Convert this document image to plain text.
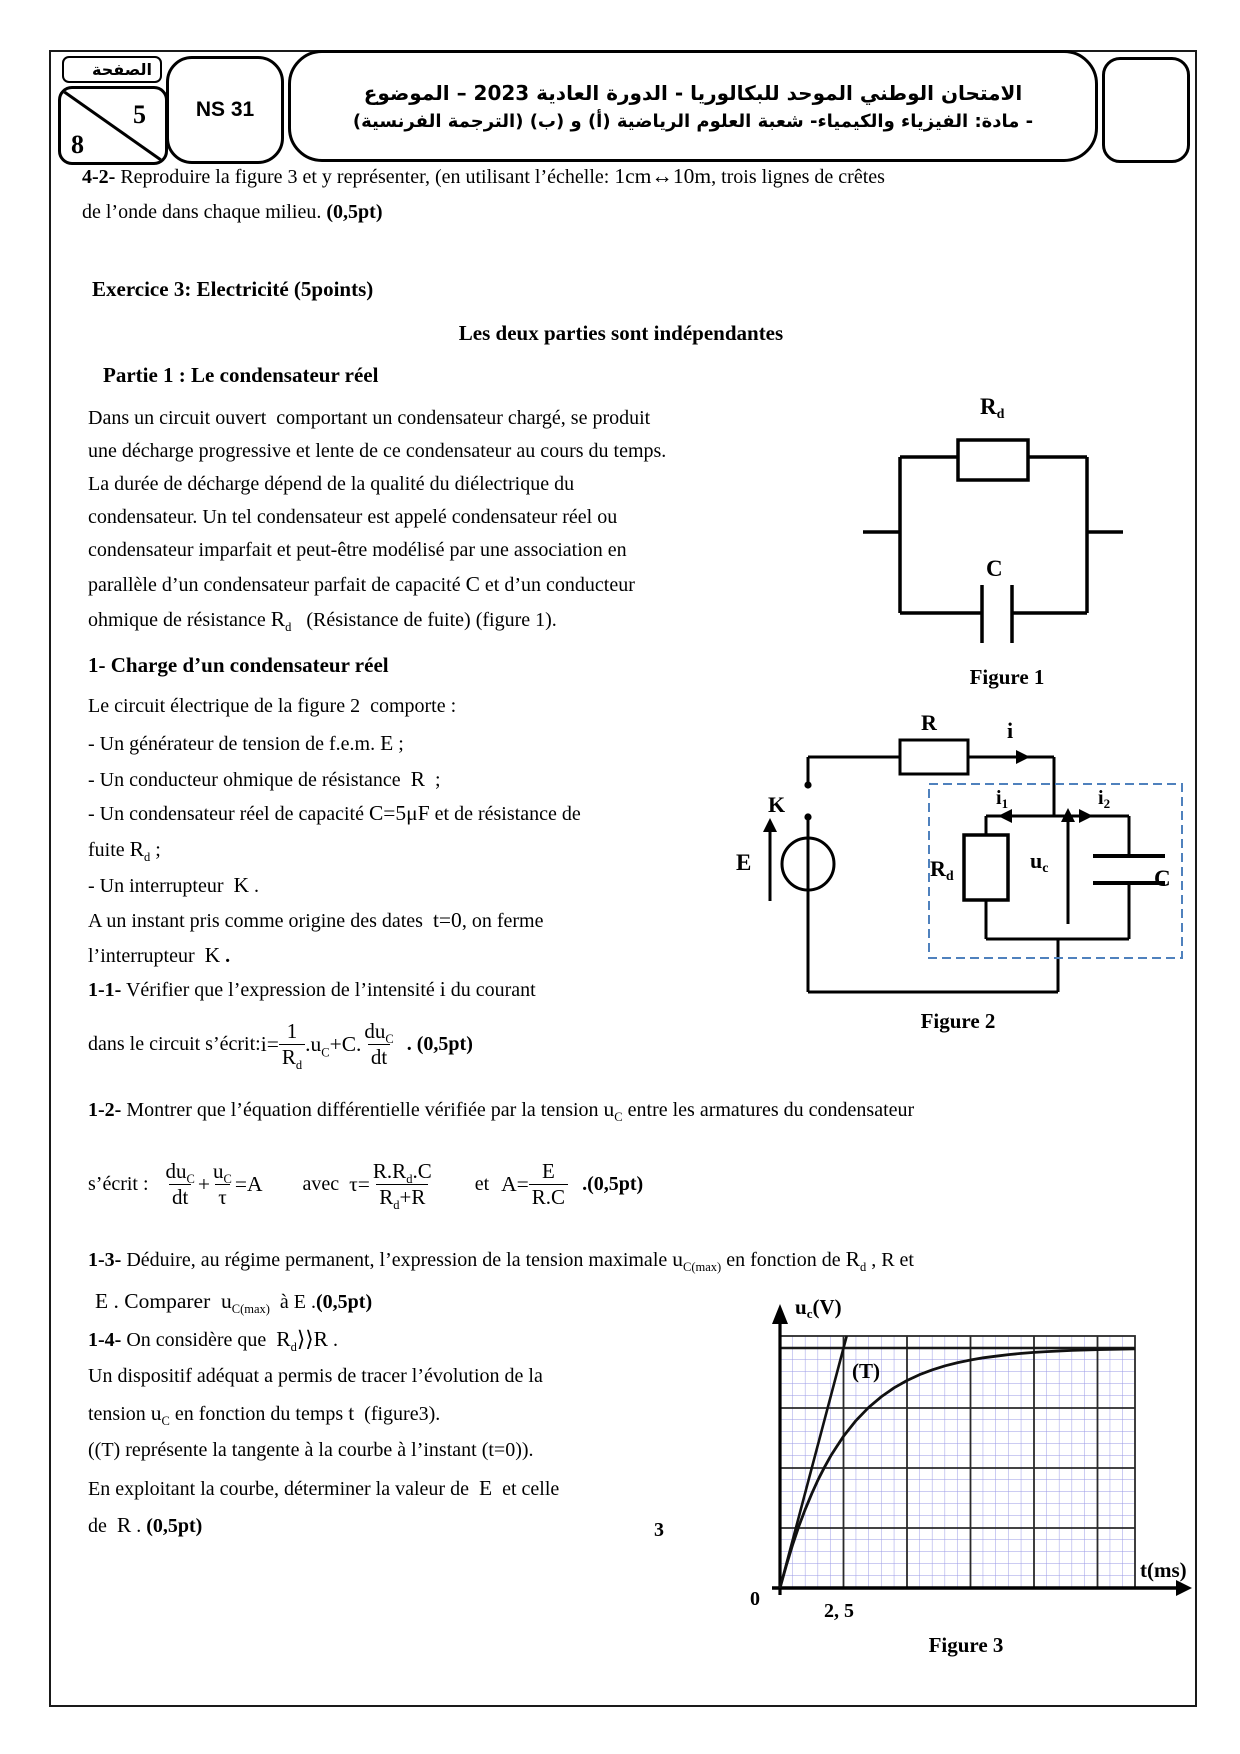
الصفحة
5
8
NS 31
الامتحان الوطني الموحد للبكالوريا - الدورة العادية 2023 – الموضوع
- مادة: الفيزياء والكيمياء- شعبة العلوم الرياضية (أ) و (ب) (الترجمة الفرنسية)
4-2- Reproduire la figure 3 et y représenter, (en utilisant l’échelle: 1cm↔10m, trois lignes de crêtes
de l’onde dans chaque milieu. (0,5pt)
Exercice 3: Electricité (5points)
Les deux parties sont indépendantes
Partie 1 : Le condensateur réel
Dans un circuit ouvert  comportant un condensateur chargé, se produit
une décharge progressive et lente de ce condensateur au cours du temps.
La durée de décharge dépend de la qualité du diélectrique du
condensateur. Un tel condensateur est appelé condensateur réel ou
condensateur imparfait et peut-être modélisé par une association en
parallèle d’un condensateur parfait de capacité C et d’un conducteur
ohmique de résistance $R_d$   (Résistance de fuite) (figure 1).
Rd
C
Figure 1
1- Charge d’un condensateur réel
Le circuit électrique de la figure 2  comporte :
- Un générateur de tension de f.e.m. E ;
- Un conducteur ohmique de résistance  R  ;
- Un condensateur réel de capacité C=5μF et de résistance de
fuite $R_d$ ;
- Un interrupteur  K .
A un instant pris comme origine des dates  t=0, on ferme
l’interrupteur  K .
R	i
K
E
$i_1$	$i_2$
Rd
uc	C
Figure 2
1-1- Vérifier que l’expression de l’intensité i du courant
dans le circuit s’écrit: $i= \frac{1}{R_d} .u_C+C$. $\frac{du_C}{dt}$ . (0,5pt)
1-2- Montrer que l’équation différentielle vérifiée par la tension $u_C$ entre les armatures du condensateur
s’écrit : $\frac{du_C}{dt} + \frac{u_C}{\tau} =A$ avec $\tau= \frac{R.R_d.C}{R_d+R}$ et $A= \frac{E}{R.C} .(0,5pt)$
1-3- Déduire, au régime permanent, l’expression de la tension maximale $u_{C(max)}$ en fonction de $R_d$ , R et
E . Comparer  $u_{C(max)}$  à E .(0,5pt)
1-4- On considère que  $R_d⟩⟩R$ .
Un dispositif adéquat a permis de tracer l’évolution de la
tension $u_C$ en fonction du temps t  (figure3).
((T) représente la tangente à la courbe à l’instant (t=0)).
En exploitant la courbe, déterminer la valeur de  E  et celle
de  R . (0,5pt)
uc(V)
(T)
3
0
2, 5
t(ms)
Figure 3
